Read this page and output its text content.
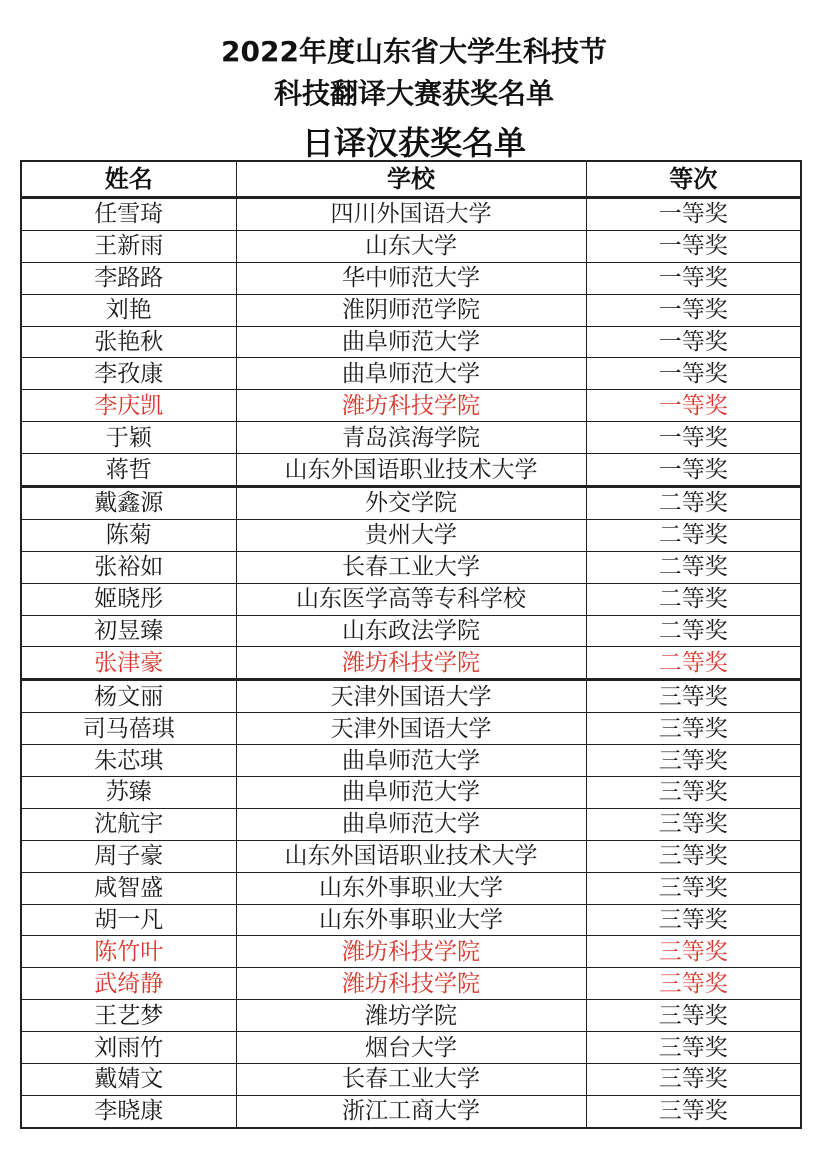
2022年度山东省大学生科技节
科技翻译大赛获奖名单
日译汉获奖名单
姓名	学校	等次
任雪琦	四川外国语大学	一等奖
王新雨	山东大学	一等奖
李路路	华中师范大学	一等奖
刘艳	淮阴师范学院	一等奖
张艳秋	曲阜师范大学	一等奖
李孜康	曲阜师范大学	一等奖
李庆凯	潍坊科技学院	一等奖
于颖	青岛滨海学院	一等奖
蒋哲	山东外国语职业技术大学	一等奖
戴鑫源	外交学院	二等奖
陈菊	贵州大学	二等奖
张裕如	长春工业大学	二等奖
姬晓彤	山东医学高等专科学校	二等奖
初昱臻	山东政法学院	二等奖
张津豪	潍坊科技学院	二等奖
杨文丽	天津外国语大学	三等奖
司马蓓琪	天津外国语大学	三等奖
朱芯琪	曲阜师范大学	三等奖
苏臻	曲阜师范大学	三等奖
沈航宇	曲阜师范大学	三等奖
周子豪	山东外国语职业技术大学	三等奖
咸智盛	山东外事职业大学	三等奖
胡一凡	山东外事职业大学	三等奖
陈竹叶	潍坊科技学院	三等奖
武绮静	潍坊科技学院	三等奖
王艺梦	潍坊学院	三等奖
刘雨竹	烟台大学	三等奖
戴婧文	长春工业大学	三等奖
李晓康	浙江工商大学	三等奖
